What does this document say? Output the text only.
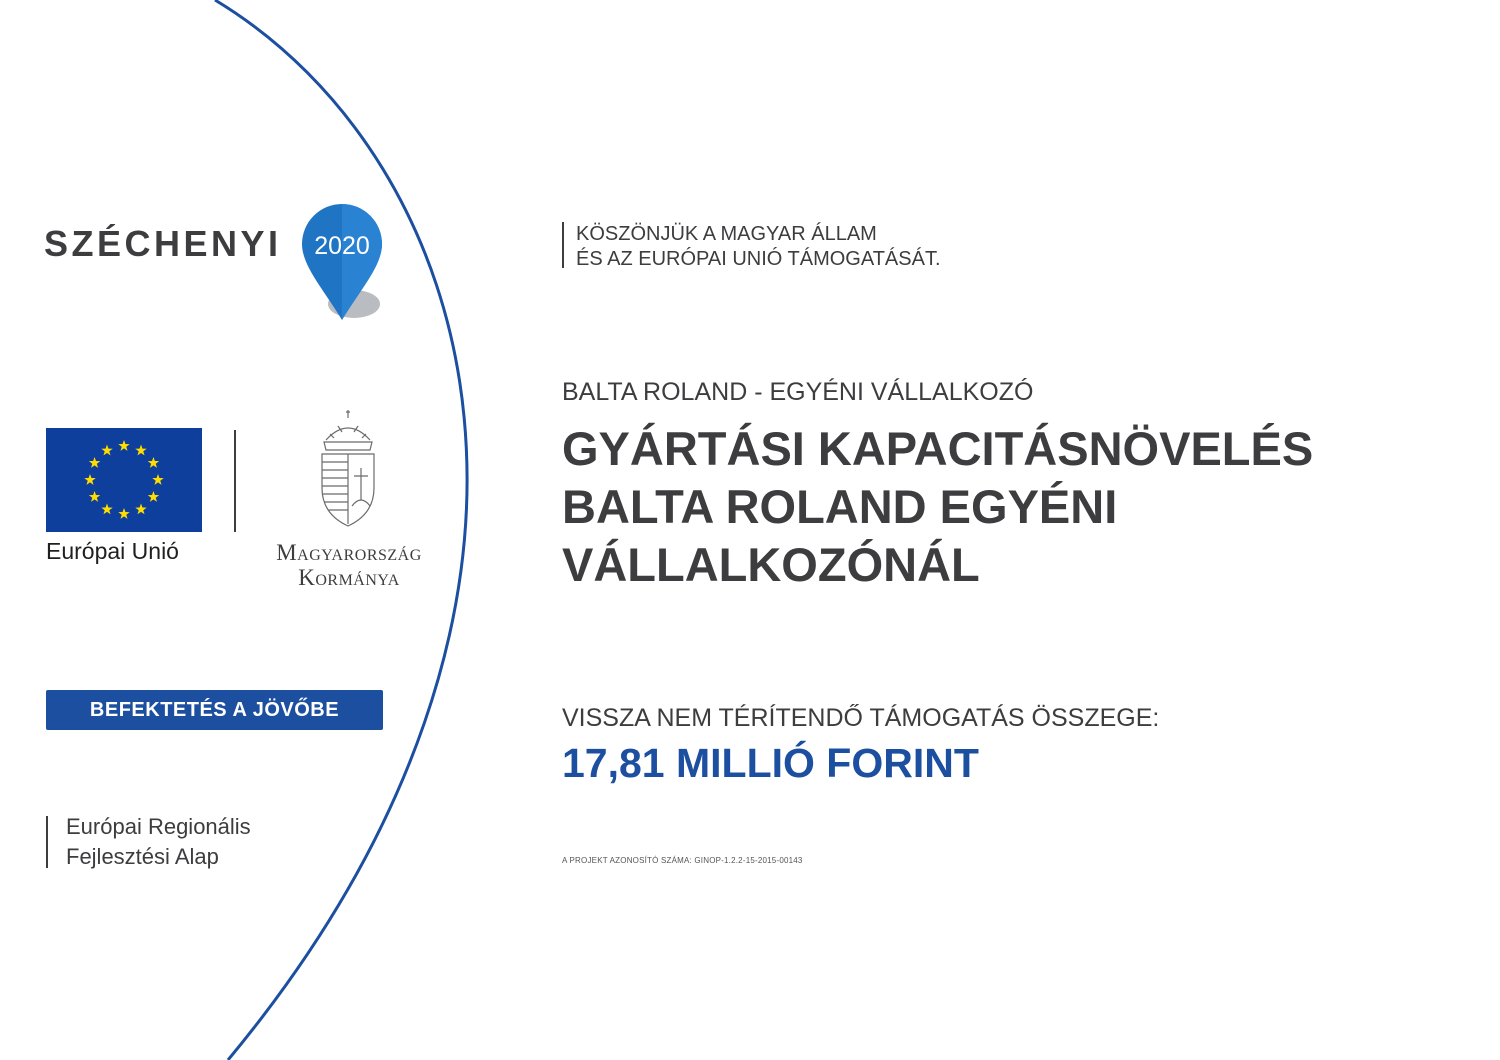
SZÉCHENYI 2020
Európai Unió	Magyarország
Kormánya
BEFEKTETÉS A JÖVŐBE
Európai Regionális
Fejlesztési Alap
KÖSZÖNJÜK A MAGYAR ÁLLAM
ÉS AZ EURÓPAI UNIÓ TÁMOGATÁSÁT.
BALTA ROLAND - EGYÉNI VÁLLALKOZÓ
GYÁRTÁSI KAPACITÁSNÖVELÉS
BALTA ROLAND EGYÉNI
VÁLLALKOZÓNÁL
VISSZA NEM TÉRÍTENDŐ TÁMOGATÁS ÖSSZEGE:
17,81 MILLIÓ FORINT
A PROJEKT AZONOSÍTÓ SZÁMA: GINOP-1.2.2-15-2015-00143
